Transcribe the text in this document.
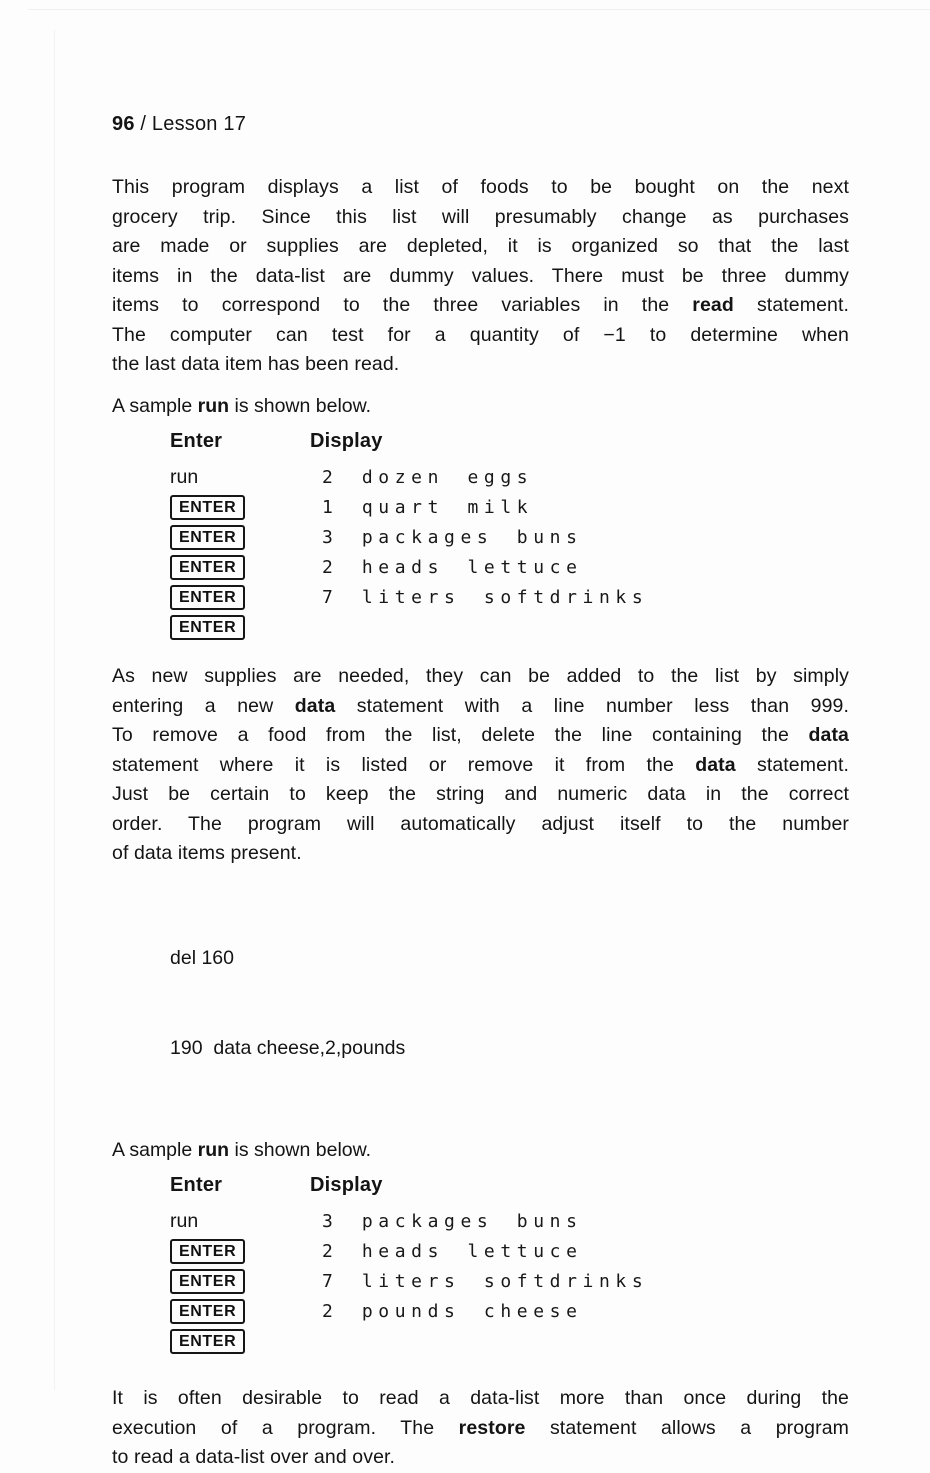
96 / Lesson 17
This program displays a list of foods to be bought on the next
grocery trip. Since this list will presumably change as purchases
are made or supplies are depleted, it is organized so that the last
items in the data-list are dummy values. There must be three dummy
items to correspond to the three variables in the read statement.
The computer can test for a quantity of −1 to determine when
the last data item has been read.
A sample run is shown below.
Enter	Display
run	2 dozen eggs
ENTER	1 quart milk
ENTER	3 packages buns
ENTER	2 heads lettuce
ENTER	7 liters softdrinks
ENTER
As new supplies are needed, they can be added to the list by simply
entering a new data statement with a line number less than 999.
To remove a food from the list, delete the line containing the data
statement where it is listed or remove it from the data statement.
Just be certain to keep the string and numeric data in the correct
order. The program will automatically adjust itself to the number
of data items present.

del 160

190  data cheese,2,pounds

A sample run is shown below.
Enter	Display
run	3 packages buns
ENTER	2 heads lettuce
ENTER	7 liters softdrinks
ENTER	2 pounds cheese
ENTER
It is often desirable to read a data-list more than once during the
execution of a program. The restore statement allows a program
to read a data-list over and over.
